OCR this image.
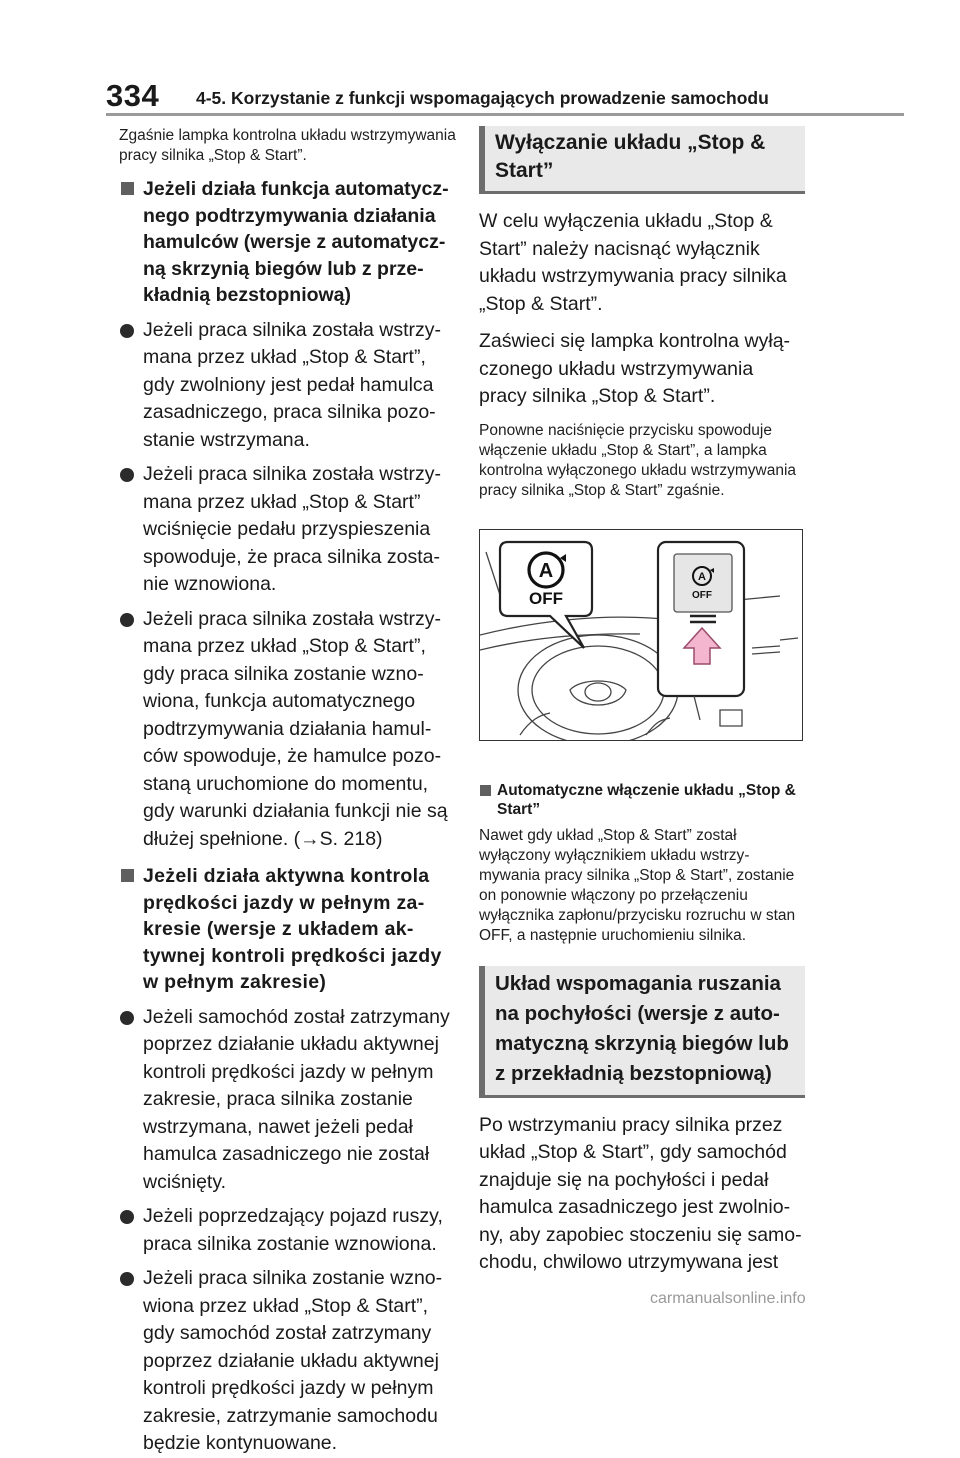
334 4-5. Korzystanie z funkcji wspomagających prowadzenie samochodu

Zgaśnie lampka kontrolna układu wstrzymywania pracy silnika „Stop & Start”.

Jeżeli działa funkcja automatycznego podtrzymywania działania hamulców (wersje z automatyczną skrzynią biegów lub z przekładnią bezstopniową)
Jeżeli praca silnika została wstrzymana przez układ „Stop & Start”, gdy zwolniony jest pedał hamulca zasadniczego, praca silnika pozostanie wstrzymana.
Jeżeli praca silnika została wstrzymana przez układ „Stop & Start” wciśnięcie pedału przyspieszenia spowoduje, że praca silnika zostanie wznowiona.
Jeżeli praca silnika została wstrzymana przez układ „Stop & Start”, gdy praca silnika zostanie wznowiona, funkcja automatycznego podtrzymywania działania hamulców spowoduje, że hamulce pozostaną uruchomione do momentu, gdy warunki działania funkcji nie są dłużej spełnione. (→S. 218)
Jeżeli działa aktywna kontrola prędkości jazdy w pełnym zakresie (wersje z układem aktywnej kontroli prędkości jazdy w pełnym zakresie)
Jeżeli samochód został zatrzymany poprzez działanie układu aktywnej kontroli prędkości jazdy w pełnym zakresie, praca silnika zostanie wstrzymana, nawet jeżeli pedał hamulca zasadniczego nie został wciśnięty.
Jeżeli poprzedzający pojazd ruszy, praca silnika zostanie wznowiona.
Jeżeli praca silnika zostanie wznowiona przez układ „Stop & Start”, gdy samochód został zatrzymany poprzez działanie układu aktywnej kontroli prędkości jazdy w pełnym zakresie, zatrzymanie samochodu będzie kontynuowane.
Wyłączanie układu „Stop & Start”

W celu wyłączenia układu „Stop & Start” należy nacisnąć wyłącznik układu wstrzymywania pracy silnika „Stop & Start”.

Zaświeci się lampka kontrolna wyłączonego układu wstrzymywania pracy silnika „Stop & Start”.

Ponowne naciśnięcie przycisku spowoduje włączenie układu „Stop & Start”, a lampka kontrolna wyłączonego układu wstrzymywania pracy silnika „Stop & Start” zgaśnie.

A
OFF
A
OFF
Automatyczne włączenie układu „Stop & Start”

Nawet gdy układ „Stop & Start” został wyłączony wyłącznikiem układu wstrzymywania pracy silnika „Stop & Start”, zostanie on ponownie włączony po przełączeniu wyłącznika zapłonu/przycisku rozruchu w stan OFF, a następnie uruchomieniu silnika.

Układ wspomagania ruszania na pochyłości (wersje z automatyczną skrzynią biegów lub z przekładnią bezstopniową)

Po wstrzymaniu pracy silnika przez układ „Stop & Start”, gdy samochód znajduje się na pochyłości i pedał hamulca zasadniczego jest zwolniony, aby zapobiec stoczeniu się samochodu, chwilowo utrzymywana jest

carmanualsonline.info
